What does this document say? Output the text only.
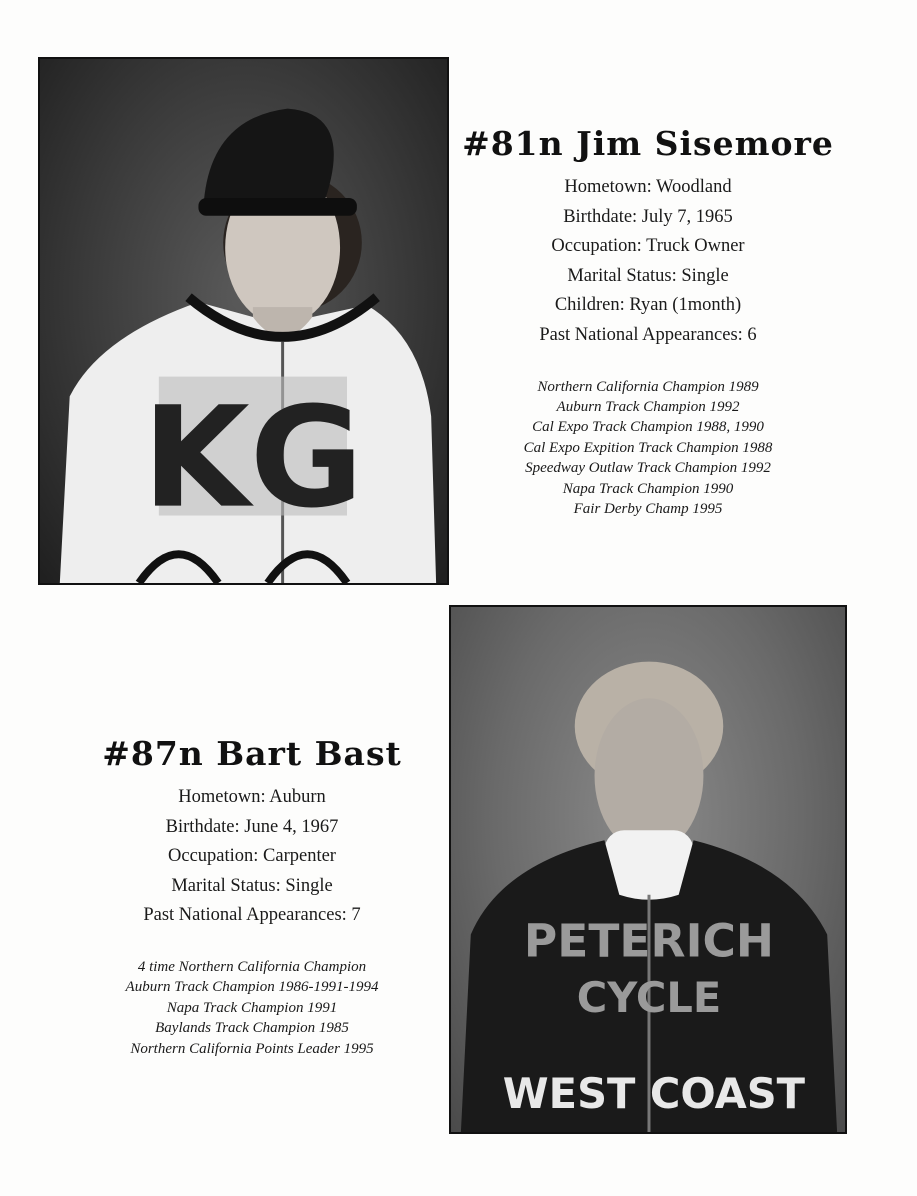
KG
#81n Jim Sisemore
Hometown: Woodland
Birthdate: July 7, 1965
Occupation: Truck Owner
Marital Status: Single
Children: Ryan (1month)
Past National Appearances: 6
Northern California Champion 1989
Auburn Track Champion 1992
Cal Expo Track Champion 1988, 1990
Cal Expo Expition Track Champion 1988
Speedway Outlaw Track Champion 1992
Napa Track Champion 1990
Fair Derby Champ 1995
#87n Bart Bast
Hometown: Auburn
Birthdate: June 4, 1967
Occupation: Carpenter
Marital Status: Single
Past National Appearances: 7
4 time Northern California Champion
Auburn Track Champion 1986-1991-1994
Napa Track Champion 1991
Baylands Track Champion 1985
Northern California Points Leader 1995
PETERICH
CYCLE
WEST COAST
